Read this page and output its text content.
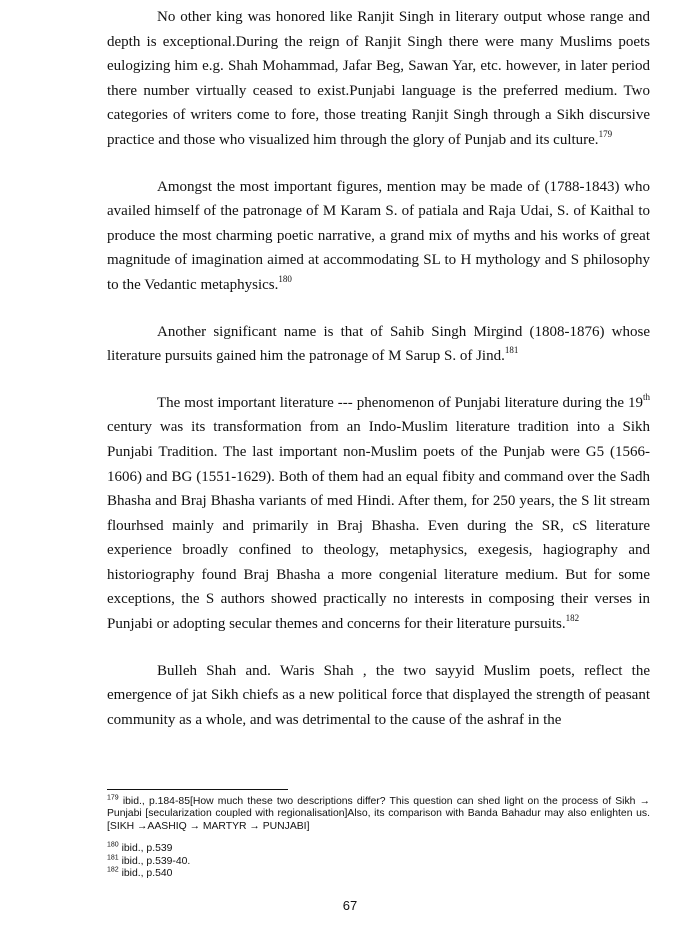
No other king was honored like Ranjit Singh in literary output whose range and depth is exceptional.During the reign of Ranjit Singh there were many Muslims poets eulogizing him e.g. Shah Mohammad, Jafar Beg, Sawan Yar, etc. however, in later period there number virtually ceased to exist.Punjabi language is the preferred medium. Two categories of writers come to fore, those treating Ranjit Singh through a Sikh discursive practice and those who visualized him through the glory of Punjab and its culture.$^{179}$

Amongst the most important figures, mention may be made of (1788-1843) who availed himself of the patronage of M Karam S. of patiala and Raja Udai, S. of Kaithal to produce the most charming poetic narrative, a grand mix of myths and his works of great magnitude of imagination aimed at accommodating SL to H mythology and S philosophy to the Vedantic metaphysics.$^{180}$

Another significant name is that of Sahib Singh Mirgind (1808-1876) whose literature pursuits gained him the patronage of M Sarup S. of Jind.$^{181}$

The most important literature --- phenomenon of Punjabi literature during the 19th century was its transformation from an Indo-Muslim literature tradition into a Sikh Punjabi Tradition. The last important non-Muslim poets of the Punjab were G5 (1566-1606) and BG (1551-1629). Both of them had an equal fibity and command over the Sadh Bhasha and Braj Bhasha variants of med Hindi. After them, for 250 years, the S lit stream flourhsed mainly and primarily in Braj Bhasha. Even during the SR, cS literature experience broadly confined to theology, metaphysics, exegesis, hagiography and historiography found Braj Bhasha a more congenial literature medium. But for some exceptions, the S authors showed practically no interests in composing their verses in Punjabi or adopting secular themes and concerns for their literature pursuits.$^{182}$

Bulleh Shah and. Waris Shah , the two sayyid Muslim poets, reflect the emergence of jat Sikh chiefs as a new political force that displayed the strength of peasant community as a whole, and was detrimental to the cause of the ashraf in the

$^{179}$ ibid., p.184-85[How much these two descriptions differ? This question can shed light on the process of Sikh → Punjabi [secularization coupled with regionalisation]Also, its comparison with Banda Bahadur may also enlighten us.[SIKH →AASHIQ → MARTYR → PUNJABI]

$^{180}$ ibid., p.539

$^{181}$ ibid., p.539-40.

$^{182}$ ibid., p.540

67
